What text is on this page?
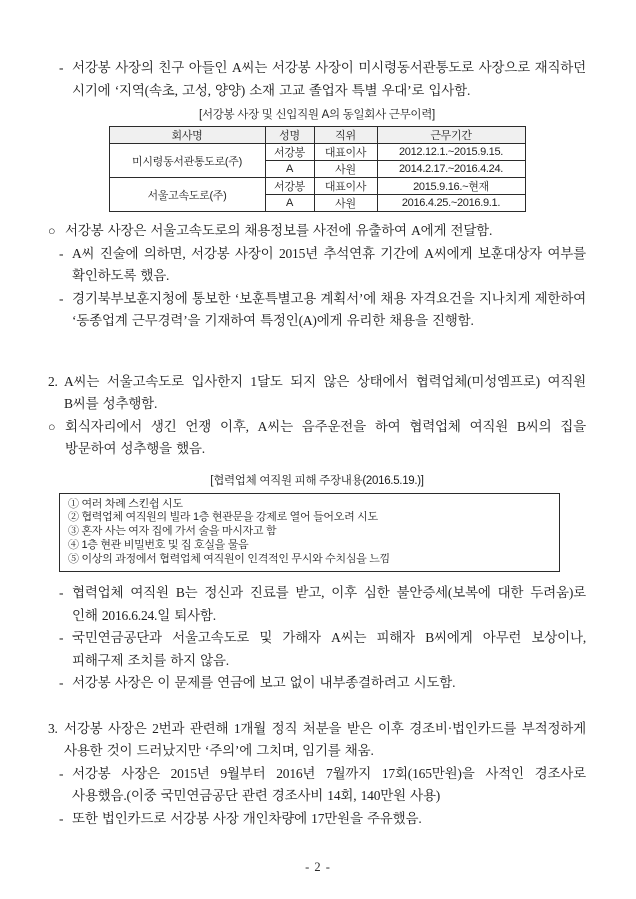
- 서강봉 사장의 친구 아들인 A씨는 서강봉 사장이 미시령동서관통도로 사장으로 재직하던 시기에 ‘지역(속초, 고성, 양양) 소재 고교 졸업자 특별 우대’로 입사함.
[서강봉 사장 및 신입직원 A의 동일회사 근무이력]
회사명	성명	직위	근무기간
미시령동서관통도로(주)	서강봉	대표이사	2012.12.1.~2015.9.15.
	A	사원	2014.2.17.~2016.4.24.
서울고속도로(주)	서강봉	대표이사	2015.9.16.~현재
	A	사원	2016.4.25.~2016.9.1.
○ 서강봉 사장은 서울고속도로의 채용정보를 사전에 유출하여 A에게 전달함.
- A씨 진술에 의하면, 서강봉 사장이 2015년 추석연휴 기간에 A씨에게 보훈대상자 여부를 확인하도록 했음.
- 경기북부보훈지청에 통보한 ‘보훈특별고용 계획서’에 채용 자격요건을 지나치게 제한하여 ‘동종업계 근무경력’을 기재하여 특정인(A)에게 유리한 채용을 진행함.
2. A씨는 서울고속도로 입사한지 1달도 되지 않은 상태에서 협력업체(미성엠프로) 여직원 B씨를 성추행함.
○ 회식자리에서 생긴 언쟁 이후, A씨는 음주운전을 하여 협력업체 여직원 B씨의 집을 방문하여 성추행을 했음.
[협력업체 여직원 피해 주장내용(2016.5.19.)]
① 여러 차례 스킨쉽 시도
② 협력업체 여직원의 빌라 1층 현관문을 강제로 열어 들어오려 시도
③ 혼자 사는 여자 집에 가서 술을 마시자고 함
④ 1층 현관 비밀번호 및 집 호실을 물음
⑤ 이상의 과정에서 협력업체 여직원이 인격적인 무시와 수치심을 느낌
- 협력업체 여직원 B는 정신과 진료를 받고, 이후 심한 불안증세(보복에 대한 두려움)로 인해 2016.6.24.일 퇴사함.
- 국민연금공단과 서울고속도로 및 가해자 A씨는 피해자 B씨에게 아무런 보상이나, 피해구제 조치를 하지 않음.
- 서강봉 사장은 이 문제를 연금에 보고 없이 내부종결하려고 시도함.
3. 서강봉 사장은 2번과 관련해 1개월 정직 처분을 받은 이후 경조비·법인카드를 부적정하게 사용한 것이 드러났지만 ‘주의’에 그치며, 임기를 채움.
- 서강봉 사장은 2015년 9월부터 2016년 7월까지 17회(165만원)을 사적인 경조사로 사용했음.(이중 국민연금공단 관련 경조사비 14회, 140만원 사용)
- 또한 법인카드로 서강봉 사장 개인차량에 17만원을 주유했음.
- 2 -
